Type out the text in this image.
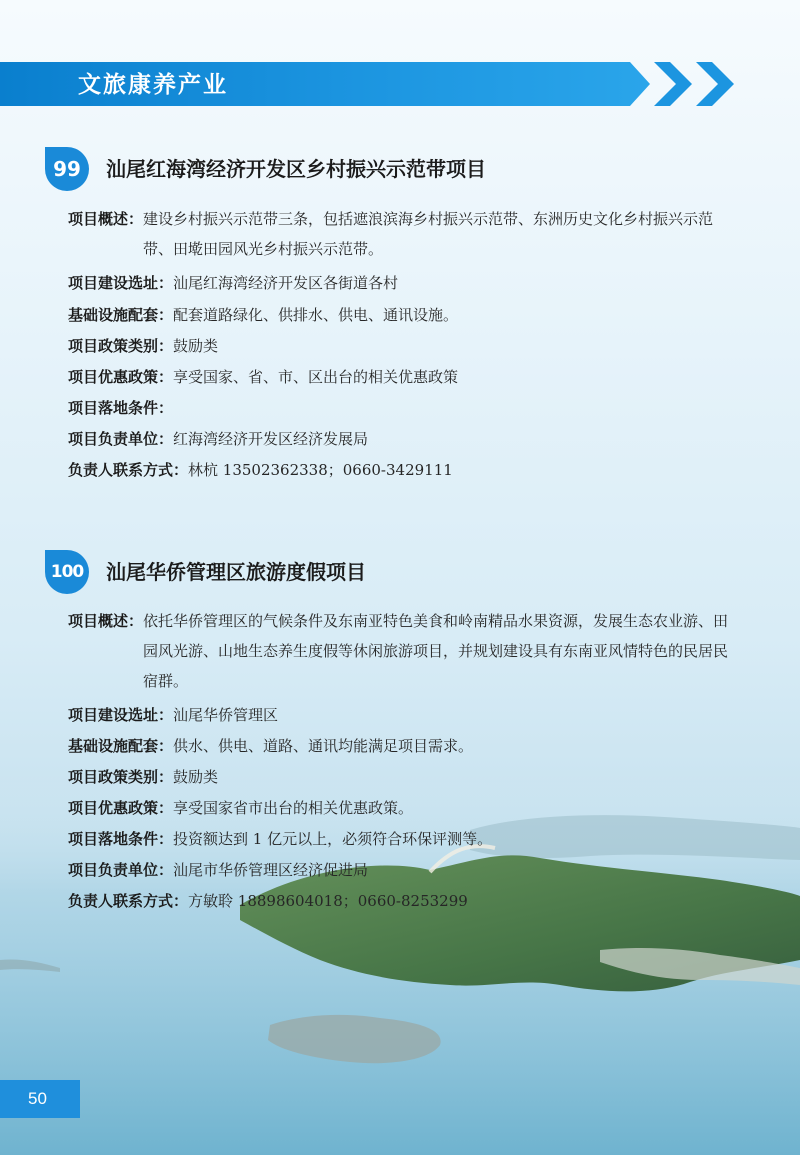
文旅康养产业
99	汕尾红海湾经济开发区乡村振兴示范带项目
项目概述： 建设乡村振兴示范带三条，包括遮浪滨海乡村振兴示范带、东洲历史文化乡村振兴示范带、田墘田园风光乡村振兴示范带。
项目建设选址：汕尾红海湾经济开发区各街道各村
基础设施配套：配套道路绿化、供排水、供电、通讯设施。
项目政策类别：鼓励类
项目优惠政策：享受国家、省、市、区出台的相关优惠政策
项目落地条件：
项目负责单位：红海湾经济开发区经济发展局
负责人联系方式：林杭 13502362338；0660-3429111
100	汕尾华侨管理区旅游度假项目
项目概述： 依托华侨管理区的气候条件及东南亚特色美食和岭南精品水果资源，发展生态农业游、田园风光游、山地生态养生度假等休闲旅游项目，并规划建设具有东南亚风情特色的民居民宿群。
项目建设选址：汕尾华侨管理区
基础设施配套：供水、供电、道路、通讯均能满足项目需求。
项目政策类别：鼓励类
项目优惠政策：享受国家省市出台的相关优惠政策。
项目落地条件：投资额达到 1 亿元以上，必须符合环保评测等。
项目负责单位：汕尾市华侨管理区经济促进局
负责人联系方式：方敏聆 18898604018；0660-8253299
50
